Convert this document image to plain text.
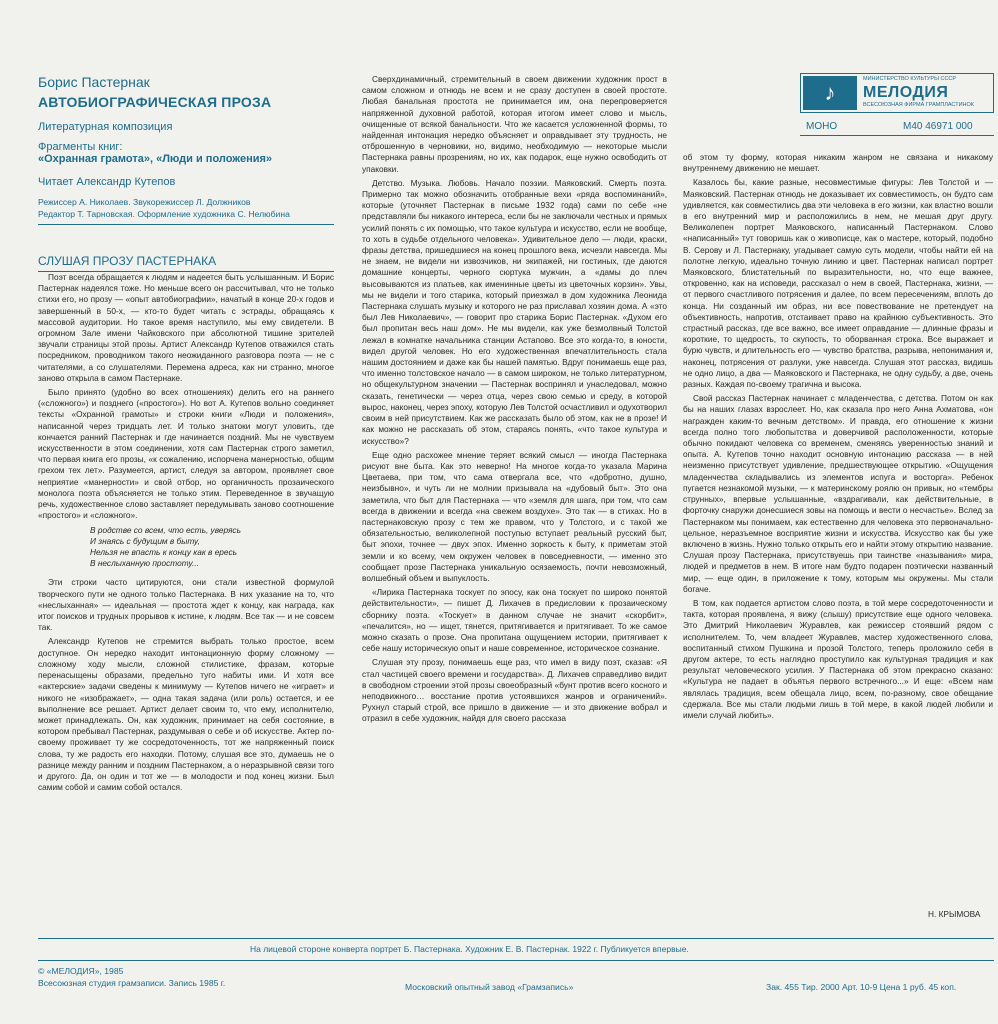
Борис Пастернак
АВТОБИОГРАФИЧЕСКАЯ ПРОЗА
Литературная композиция
Фрагменты книг:
«Охранная грамота», «Люди и положения»
Читает Александр Кутепов
Режиссер А. Николаев. Звукорежиссер Л. Должников
Редактор Т. Тарновская. Оформление художника С. Нелюбина
♪
МИНИСТЕРСТВО КУЛЬТУРЫ СССР
МЕЛОДИЯ
ВСЕСОЮЗНАЯ ФИРМА ГРАМПЛАСТИНОК
МОНО	М40 46971 000
СЛУШАЯ ПРОЗУ ПАСТЕРНАКА

Поэт всегда обращается к людям и надеется быть услышанным. И Борис Пастернак надеялся тоже. Но меньше всего он рассчитывал, что не только стихи его, но прозу — «опыт автобиографии», начатый в конце 20-х годов и завершенный в 50-х, — кто-то будет читать с эстрады, обращаясь к массовой аудитории. Но такое время наступило, мы ему свидетели. В огромном Зале имени Чайковского при абсолютной тишине зрителей звучали страницы этой прозы. Артист Александр Кутепов отважился стать посредником, проводником такого неожиданного разговора поэта — не с читателями, а со слушателями. Перемена адреса, как ни странно, многое заново открыла в самом Пастернаке.

Было принято (удобно во всех отношениях) делить его на раннего («сложного») и позднего («простого»). Но вот А. Кутепов вольно соединяет тексты «Охранной грамоты» и строки книги «Люди и положения», написанной через тридцать лет. И только знатоки могут уловить, где кончается ранний Пастернак и где начинается поздний. Мы не чувствуем искусственности в этом соединении, хотя сам Пастернак строго заметил, что первая книга его прозы, «к сожалению, испорчена манерностью, общим грехом тех лет». Разумеется, артист, следуя за автором, проявляет свое неприятие «манерности» и свой отбор, но органичность прозаического монолога поэта объясняется не только этим. Переведенное в звучащую речь, художественное слово заставляет передумывать заново соотношение «простого» и «сложного».

В родстве со всем, что есть, уверясь
И знаясь с будущим в быту,
Нельзя не впасть к концу как в ересь
В неслыханную простоту...

Эти строки часто цитируются, они стали известной формулой творческого пути не одного только Пастернака. В них указание на то, что «неслыханная» — идеальная — простота ждет к концу, как награда, как итог поисков и трудных прорывов к истине, к людям. Все так — и не совсем так.

Александр Кутепов не стремится выбрать только простое, всем доступное. Он нередко находит интонационную форму сложному — сложному ходу мысли, сложной стилистике, фразам, которые перенасыщены образами, предельно туго набиты ими. И хотя все «актерские» задачи сведены к минимуму — Кутепов ничего не «играет» и никого не «изображает», — одна такая задача (или роль) остается, и ее выполнение все решает. Артист делает своим то, что ему, исполнителю, может принадлежать. Он, как художник, принимает на себя состояние, в котором пребывал Пастернак, раздумывая о себе и об искусстве. Актер по-своему проживает ту же сосредоточенность, тот же напряженный поиск слова, ту же радость его находки. Потому, слушая все это, думаешь не о разнице между ранним и поздним Пастернаком, а о неразрывной связи того и другого. Да, он один и тот же — в молодости и под конец жизни. Был самим собой и самим собой остался.

Сверхдинамичный, стремительный в своем движении художник прост в самом сложном и отнюдь не всем и не сразу доступен в своей простоте. Любая банальная простота не принимается им, она перепроверяется напряженной духовной работой, которая итогом имеет слово и мысль, очищенные от всякой банальности. Что же касается усложненной формы, то найденная интонация нередко объясняет и оправдывает эту трудность, не отброшенную в черновики, но, видимо, необходимую — некоторые мысли Пастернака равны прозрениям, но их, как подарок, еще нужно освободить от упаковки.

Детство. Музыка. Любовь. Начало поэзии. Маяковский. Смерть поэта. Примерно так можно обозначить отобранные вехи «ряда воспоминаний», которые (уточняет Пастернак в письме 1932 года) сами по себе «не представляли бы никакого интереса, если бы не заключали честных и прямых усилий понять с их помощью, что такое культура и искусство, если не вообще, то хоть в судьбе отдельного человека». Удивительное дело — люди, краски, фразы детства, пришедшиеся на конец прошлого века, исчезли навсегда. Мы не знаем, не видели ни извозчиков, ни экипажей, ни гостиных, где даются домашние концерты, черного сюртука мужчин, а «дамы до плеч высовываются из платьев, как именинные цветы из цветочных корзин». Увы, мы не видели и того старика, который приезжал в дом художника Леонида Пастернака слушать музыку и которого не раз приславал хозяин дома. А «это был Лев Николаевич», — говорит про старика Борис Пастернак. «Духом его был пропитан весь наш дом». Не мы видели, как уже безмолвный Толстой лежал в комнатке начальника станции Астапово. Все это когда-то, в юности, видел другой человек. Но его художественная впечатлительность стала нашим достоянием и даже как бы нашей памятью. Вдруг понимаешь еще раз, что именно толстовское начало — в самом широком, не только литературном, но общекультурном значении — Пастернак воспринял и унаследовал, можно сказать, генетически — через отца, через свою семью и среду, в которой вырос, наконец, через эпоху, которую Лев Толстой осчастливил и одухотворил своим в ней присутствием. Как же рассказать было об этом, как не в прозе! И как можно не рассказать об этом, стараясь понять, «что такое культура и искусство»?

Еще одно расхожее мнение теряет всякий смысл — иногда Пастернака рисуют вне быта. Как это неверно! На многое когда-то указала Марина Цветаева, при том, что сама отвергала все, что «добротно, душно, неизбывно», и чуть ли не молнии призывала на «дубовый быт». Это она заметила, что быт для Пастернака — что «земля для шага, при том, что сам всегда в движении и всегда «на свежем воздухе». Это так — в стихах. Но в пастернаковскую прозу с тем же правом, что у Толстого, и с такой же обязательностью, великолепной поступью вступает реальный русский быт, быт эпохи, точнее — двух эпох. Именно зоркость к быту, к приметам этой земли и ко всему, чем окружен человек в повседневности, — именно это сообщает прозе Пастернака уникальную осязаемость, почти невозможный, волшебный объем и выпуклость.

«Лирика Пастернака тоскует по эпосу, как она тоскует по широко понятой действительности», — пишет Д. Лихачев в предисловии к прозаическому сборнику поэта. «Тоскует» в данном случае не значит «скорбит», «печалится», но — ищет, тянется, притягивается и притягивает. То же самое можно сказать о прозе. Она пропитана ощущением истории, притягивает к себе нашу историческую опыт и наше современное, историческое сознание.

Слушая эту прозу, понимаешь еще раз, что имел в виду поэт, сказав: «Я стал частицей своего времени и государства». Д. Лихачев справедливо видит в свободном строении этой прозы своеобразный «бунт против всего косного и неподвижного… восстание против устоявшихся жанров и ограничений». Рухнул старый строй, все пришло в движение — и это движение вобрал и отразил в себе художник, найдя для своего рассказа

об этом ту форму, которая никаким жанром не связана и никакому внутреннему движению не мешает.

Казалось бы, какие разные, несовместимые фигуры: Лев Толстой и — Маяковский. Пастернак отнюдь не доказывает их совместимость, он будто сам удивляется, как совместились два эти человека в его жизни, как властно вошли в его внутренний мир и расположились в нем, не мешая друг другу. Великолепен портрет Маяковского, написанный Пастернаком. Слово «написанный» тут говоришь как о живописце, как о мастере, который, подобно В. Серову и Л. Пастернаку, угадывает самую суть модели, чтобы найти ей на полотне легкую, идеально точную линию и цвет. Пастернак написал портрет Маяковского, блистательный по выразительности, но, что еще важнее, откровенно, как на исповеди, рассказал о нем в своей, Пастернака, жизни, — от первого счастливого потрясения и далее, по всем пересечениям, вплоть до конца. Ни созданный им образ, ни все повествование не претендует на объективность, напротив, отстаивает право на крайнюю субъективность. Это страстный рассказ, где все важно, все имеет оправдание — длинные фразы и короткие, то щедрость, то скупость, то оборванная строка. Все выражает и бурю чувств, и длительность его — чувство братства, разрыва, непонимания и, наконец, потрясения от разлуки, уже навсегда. Слушая этот рассказ, видишь не одно лицо, а два — Маяковского и Пастернака, не одну судьбу, а две, очень разных. Каждая по-своему трагична и высока.

Свой рассказ Пастернак начинает с младенчества, с детства. Потом он как бы на наших глазах взрослеет. Но, как сказала про него Анна Ахматова, «он награжден каким-то вечным детством». И правда, его отношение к жизни всегда полно того любопытства и доверчивой расположенности, которые обычно покидают человека со временем, сменяясь уверенностью знаний и опыта. А. Кутепов точно находит основную интонацию рассказа — в ней неизменно присутствует удивление, предшествующее открытию. «Ощущения младенчества складывались из элементов испуга и восторга». Ребенок пугается незнакомой музыки, — к материнскому роялю он привык, но «тембры струнных», впервые услышанные, «вздрагивали, как действительные, в форточку снаружи донесшиеся зовы на помощь и вести о несчастье». Вслед за Пастернаком мы понимаем, как естественно для человека это первоначально-цельное, неразъемное восприятие жизни и искусства. Искусство как бы уже включено в жизнь. Нужно только открыть его и найти этому открытию название. Слушая прозу Пастернака, присутствуешь при таинстве «называния» мира, людей и предметов в нем. В итоге нам будто подарен поэтически названный мир, — еще один, в приложение к тому, которым мы окружены. Мы стали богаче.

В том, как подается артистом слово поэта, в той мере сосредоточенности и такта, которая проявлена, я вижу (слышу) присутствие еще одного человека. Это Дмитрий Николаевич Журавлев, как режиссер стоявший рядом с исполнителем. То, чем владеет Журавлев, мастер художественного слова, воспитанный стихом Пушкина и прозой Толстого, теперь проложило себя в другом актере, то есть наглядно проступило как культурная традиция и как результат человеческого усилия. У Пастернака об этом прекрасно сказано: «Культура не падает в объятья первого встречного...» И еще: «Всем нам являлась традиция, всем обещала лицо, всем, по-разному, свое обещание сдержала. Все мы стали людьми лишь в той мере, в какой людей любили и имели случай любить».

Н. КРЫМОВА
На лицевой стороне конверта портрет Б. Пастернака. Художник Е. В. Пастернак. 1922 г. Публикуется впервые.
© «МЕЛОДИЯ», 1985
Всесоюзная студия грамзаписи. Запись 1985 г.	Московский опытный завод «Грамзапись»	Зак. 455 Тир. 2000 Арт. 10-9 Цена 1 руб. 45 коп.
